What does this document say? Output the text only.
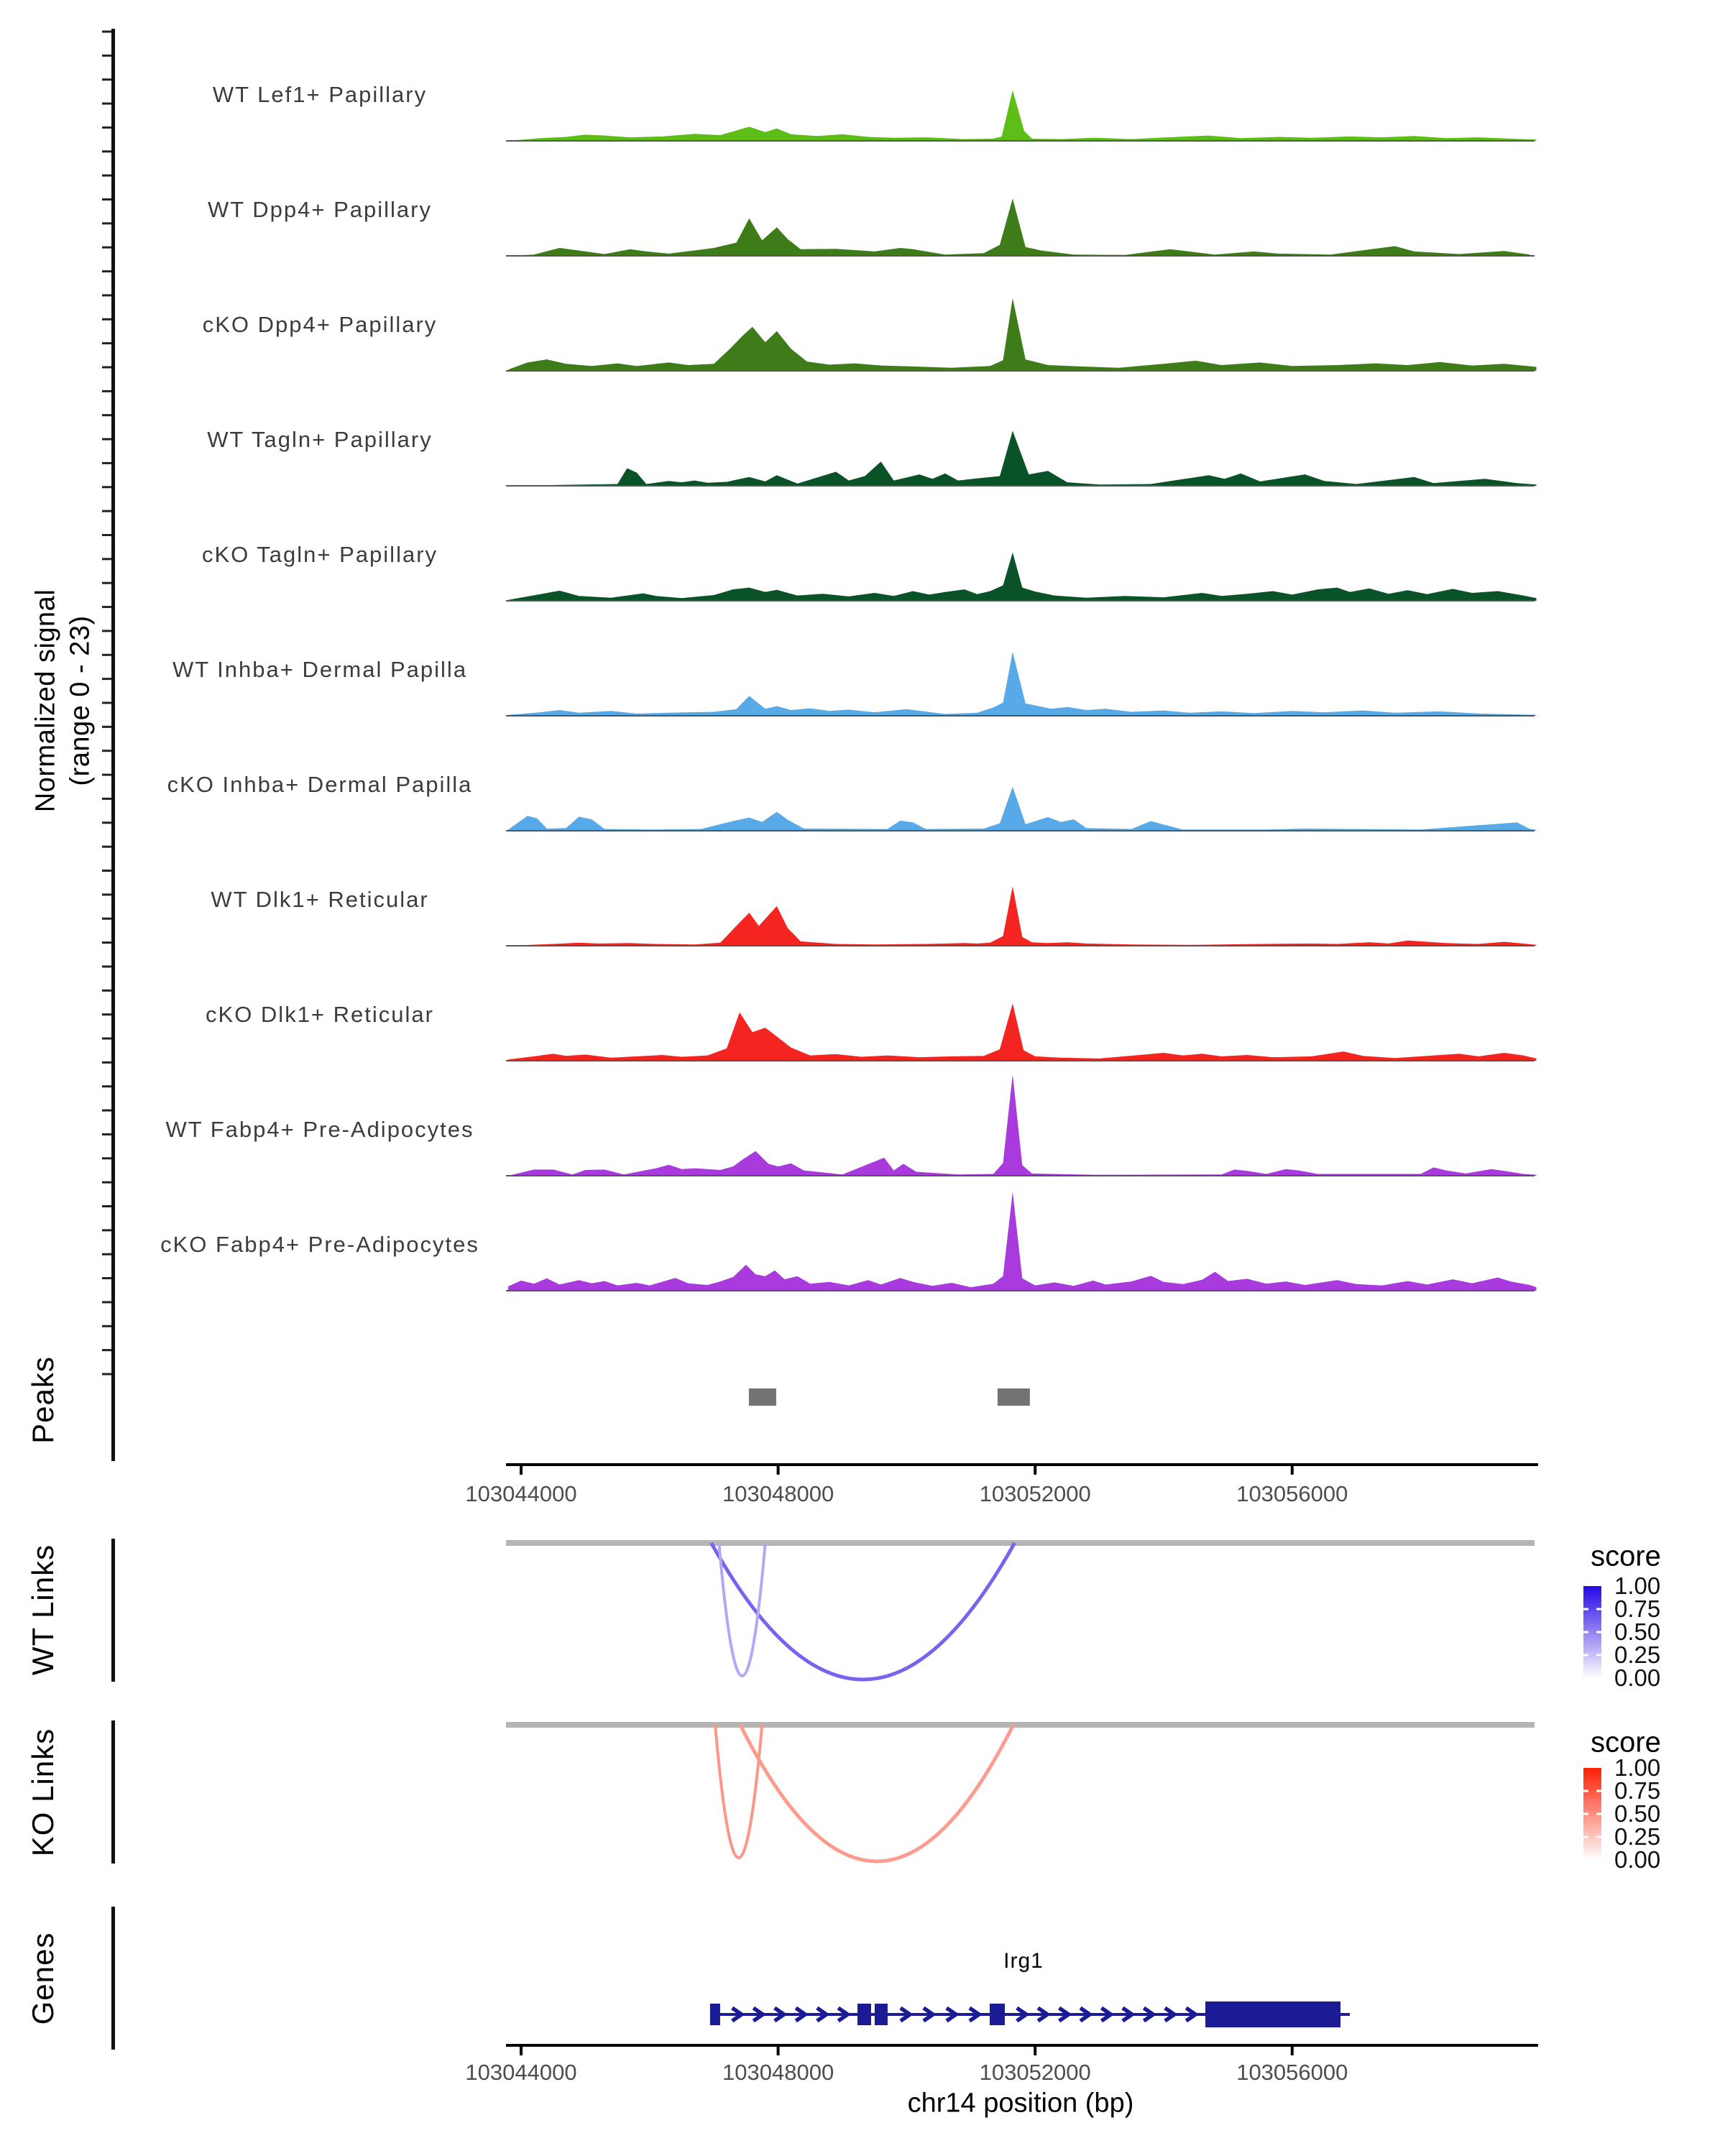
103044000	103048000	103052000	103056000
103044000	103048000	103052000	103056000
1.00
0.75
0.50
0.25
0.00
1.00
0.75
0.50
0.25
0.00
Normalized signal (range 0 - 23)
Peaks
WT Links
KO Links
Genes
score
score
WT Lef1+ Papillary
WT Dpp4+ Papillary
cKO Dpp4+ Papillary
WT Tagln+ Papillary
cKO Tagln+ Papillary
WT Inhba+ Dermal Papilla
cKO Inhba+ Dermal Papilla
WT Dlk1+ Reticular
cKO Dlk1+ Reticular
WT Fabp4+ Pre-Adipocytes
cKO Fabp4+ Pre-Adipocytes
Irg1
chr14 position (bp)
